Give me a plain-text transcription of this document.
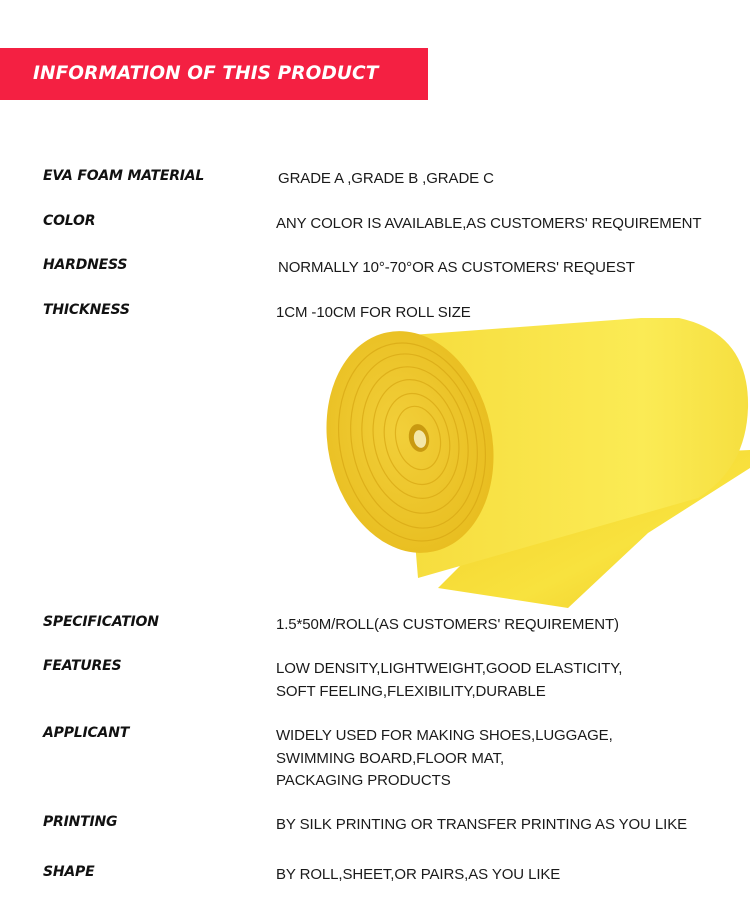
INFORMATION OF THIS PRODUCT
EVA FOAM MATERIAL	GRADE A ,GRADE B ,GRADE C
COLOR	ANY COLOR IS AVAILABLE,AS CUSTOMERS' REQUIREMENT
HARDNESS	NORMALLY 10°-70°OR AS CUSTOMERS' REQUEST
THICKNESS	1CM -10CM FOR ROLL SIZE
SPECIFICATION	1.5*50M/ROLL(AS CUSTOMERS' REQUIREMENT)
FEATURES	LOW DENSITY,LIGHTWEIGHT,GOOD ELASTICITY,
SOFT FEELING,FLEXIBILITY,DURABLE
APPLICANT	WIDELY USED FOR MAKING SHOES,LUGGAGE,
SWIMMING BOARD,FLOOR MAT,
PACKAGING PRODUCTS
PRINTING	BY SILK PRINTING OR TRANSFER PRINTING AS YOU LIKE
SHAPE	BY ROLL,SHEET,OR PAIRS,AS YOU LIKE
